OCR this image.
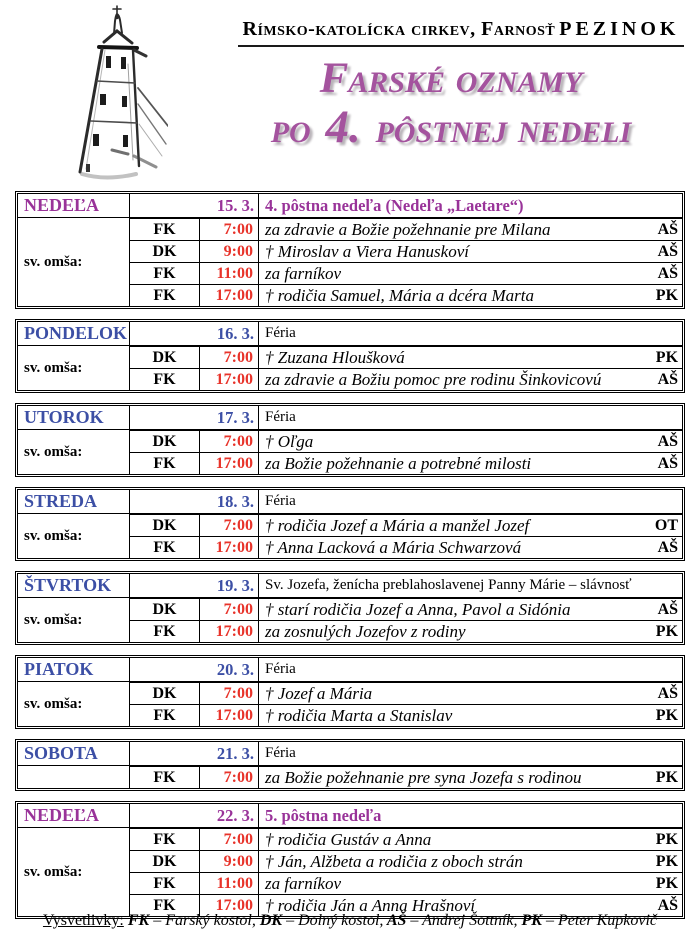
Rímsko-katolícka cirkev, Farnosť PEZINOK
Farské oznamy
po 4. pôstnej nedeli
NEDEĽA	15. 3.		4. pôstna nedeľa (Nedeľa „Laetare“)	
sv. omša:	FK	7:00	za zdravie a Božie požehnanie pre Milana	AŠ
	DK	9:00	† Miroslav a Viera Hanuskoví	AŠ
	FK	11:00	za farníkov	AŠ
	FK	17:00	† rodičia Samuel, Mária a dcéra Marta	PK
PONDELOK	16. 3.		Féria	
sv. omša:	DK	7:00	† Zuzana Hloušková	PK
	FK	17:00	za zdravie a Božiu pomoc pre rodinu Šinkovicovú	AŠ
UTOROK	17. 3.		Féria	
sv. omša:	DK	7:00	† Oľga	AŠ
	FK	17:00	za Božie požehnanie a potrebné milosti	AŠ
STREDA	18. 3.		Féria	
sv. omša:	DK	7:00	† rodičia Jozef a Mária a manžel Jozef	OT
	FK	17:00	† Anna Lacková a Mária Schwarzová	AŠ
ŠTVRTOK	19. 3.		Sv. Jozefa, ženícha preblahoslavenej Panny Márie – slávnosť	
sv. omša:	DK	7:00	† starí rodičia Jozef a Anna, Pavol a Sidónia	AŠ
	FK	17:00	za zosnulých Jozefov z rodiny	PK
PIATOK	20. 3.		Féria	
sv. omša:	DK	7:00	† Jozef a Mária	AŠ
	FK	17:00	† rodičia Marta a Stanislav	PK
SOBOTA	21. 3.		Féria	
	FK	7:00	za Božie požehnanie pre syna Jozefa s rodinou	PK
NEDEĽA	22. 3.		5. pôstna nedeľa	
sv. omša:	FK	7:00	† rodičia Gustáv a Anna	PK
	DK	9:00	† Ján, Alžbeta a rodičia z oboch strán	PK
	FK	11:00	za farníkov	PK
	FK	17:00	† rodičia Ján a Anna Hrašnoví	AŠ
Vysvetlivky: FK – Farský kostol, DK – Dolný kostol, AŠ – Andrej Šottník, PK – Peter Kupkovič
